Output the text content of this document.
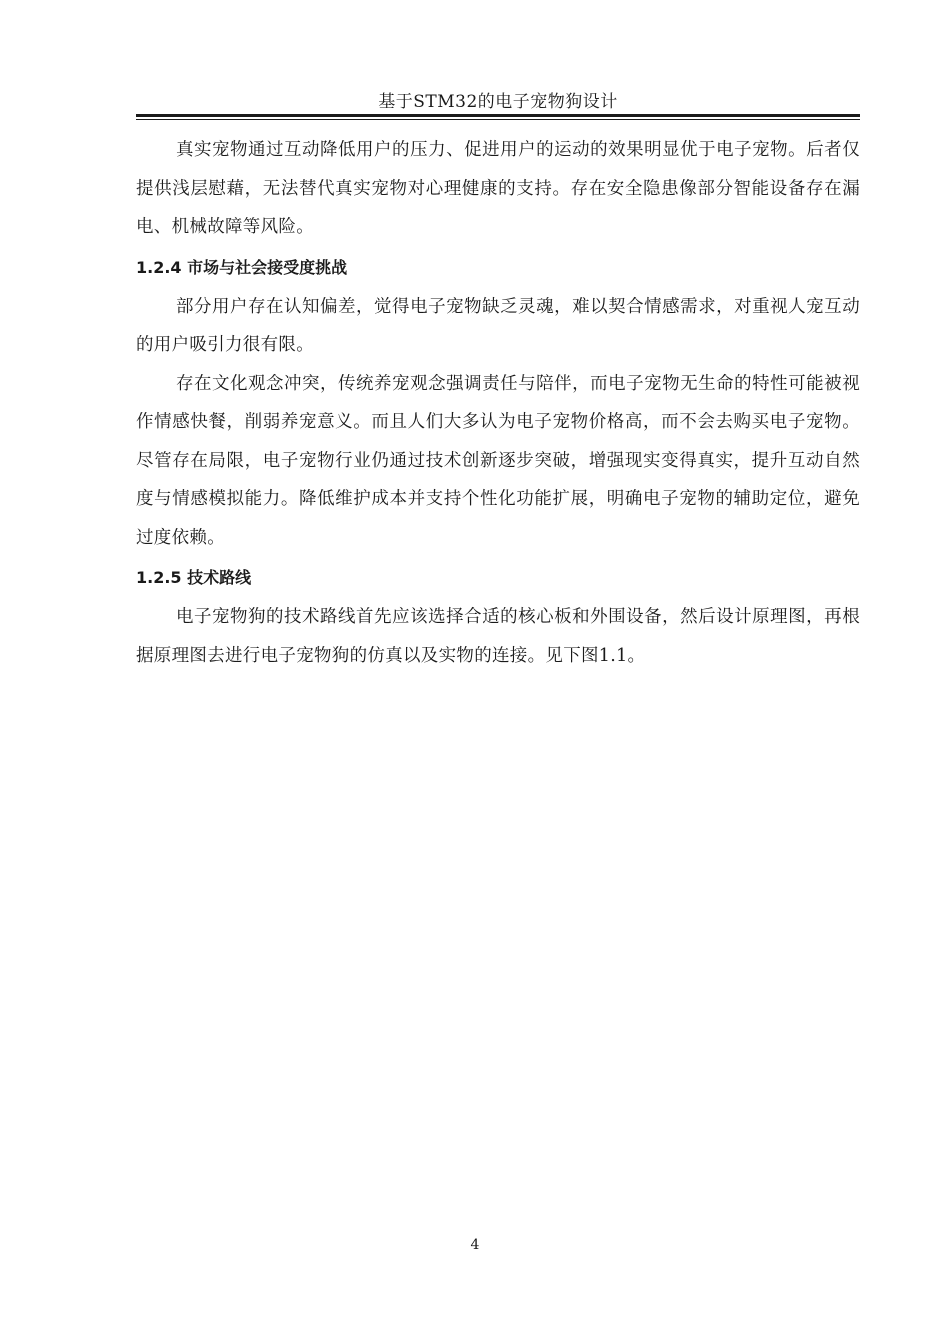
基于STM32的电子宠物狗设计

真实宠物通过互动降低用户的压力、促进用户的运动的效果明显优于电子宠物。后者仅提供浅层慰藉，无法替代真实宠物对心理健康的支持。存在安全隐患像部分智能设备存在漏电、机械故障等风险。

1.2.4 市场与社会接受度挑战

部分用户存在认知偏差，觉得电子宠物缺乏灵魂，难以契合情感需求，对重视人宠互动的用户吸引力很有限。

存在文化观念冲突，传统养宠观念强调责任与陪伴，而电子宠物无生命的特性可能被视作情感快餐，削弱养宠意义。而且人们大多认为电子宠物价格高，而不会去购买电子宠物。尽管存在局限，电子宠物行业仍通过技术创新逐步突破，增强现实变得真实，提升互动自然度与情感模拟能力。降低维护成本并支持个性化功能扩展，明确电子宠物的辅助定位，避免过度依赖。

1.2.5 技术路线

电子宠物狗的技术路线首先应该选择合适的核心板和外围设备，然后设计原理图，再根据原理图去进行电子宠物狗的仿真以及实物的连接。见下图1.1。

4
